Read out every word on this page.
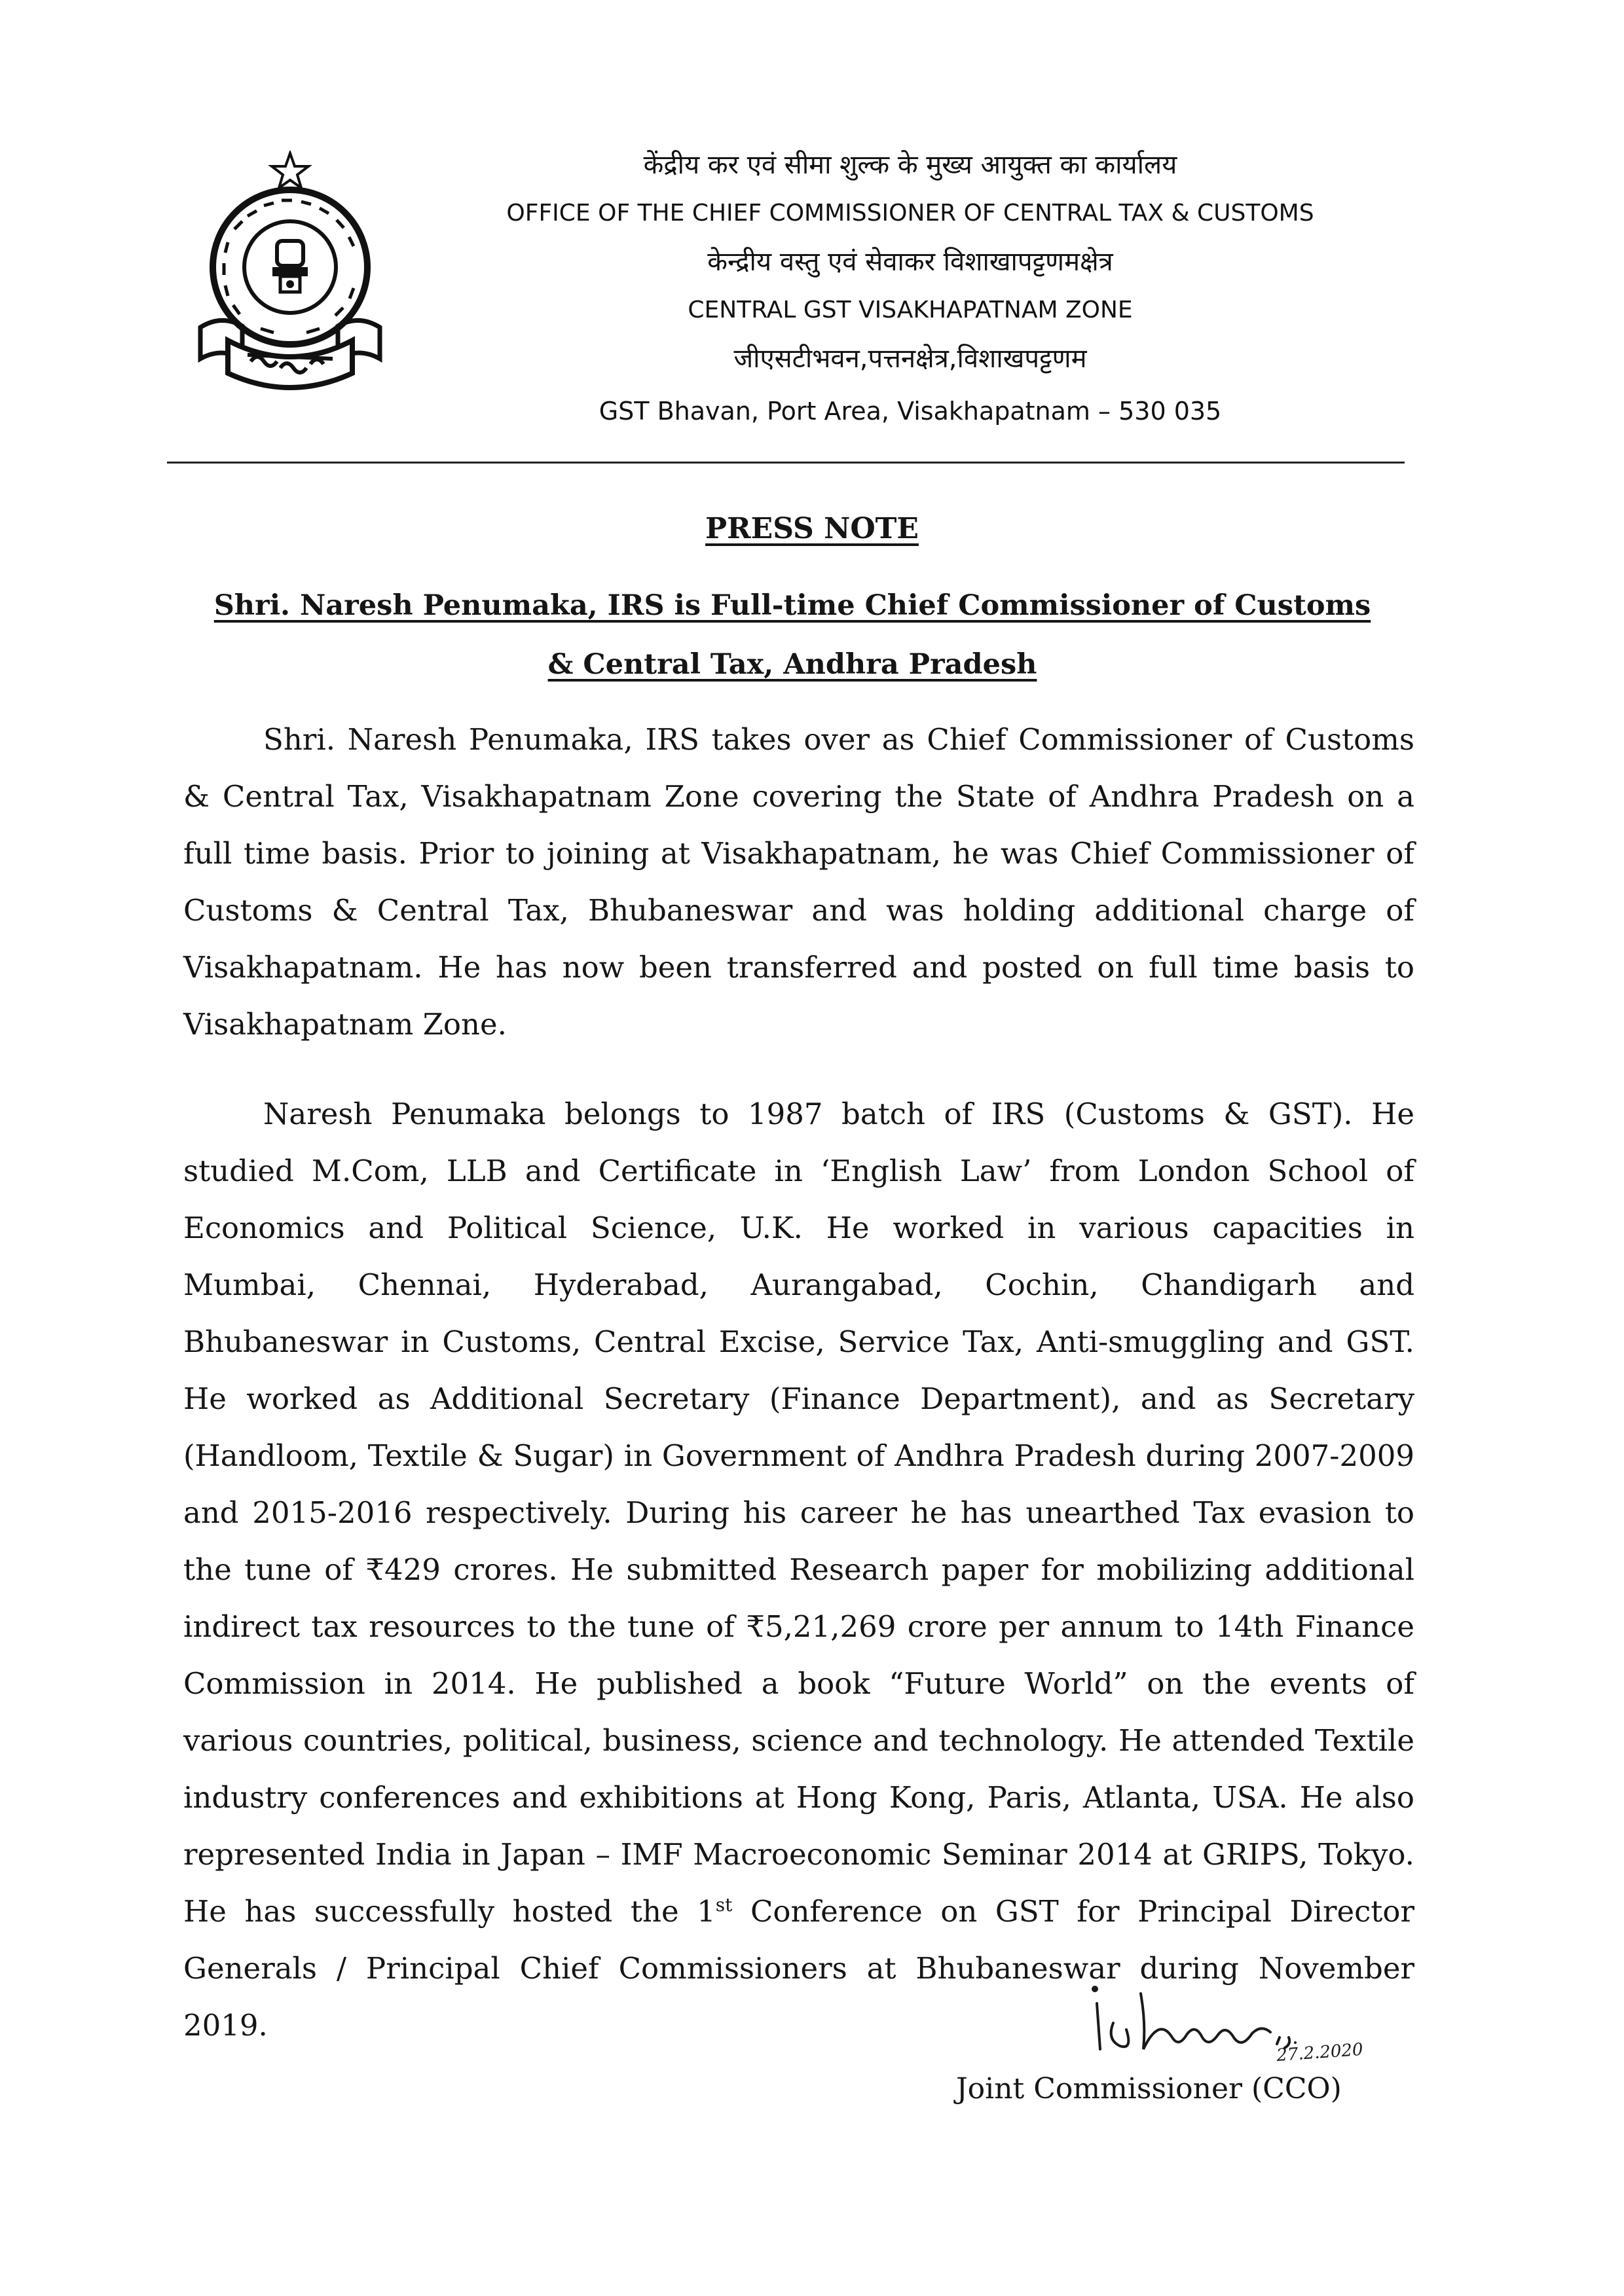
केंद्रीय कर एवं सीमा शुल्क के मुख्य आयुक्त का कार्यालय
OFFICE OF THE CHIEF COMMISSIONER OF CENTRAL TAX & CUSTOMS
केन्द्रीय वस्तु एवं सेवाकर विशाखापट्टणमक्षेत्र
CENTRAL GST VISAKHAPATNAM ZONE
जीएसटीभवन,पत्तनक्षेत्र,विशाखपट्टणम
GST Bhavan, Port Area, Visakhapatnam – 530 035
PRESS NOTE
Shri. Naresh Penumaka, IRS is Full-time Chief Commissioner of Customs
& Central Tax, Andhra Pradesh

Shri. Naresh Penumaka, IRS takes over as Chief Commissioner of Customs & Central Tax, Visakhapatnam Zone covering the State of Andhra Pradesh on a full time basis. Prior to joining at Visakhapatnam, he was Chief Commissioner of Customs & Central Tax, Bhubaneswar and was holding additional charge of Visakhapatnam. He has now been transferred and posted on full time basis to Visakhapatnam Zone.

Naresh Penumaka belongs to 1987 batch of IRS (Customs & GST). He studied M.Com, LLB and Certificate in ‘English Law’ from London School of Economics and Political Science, U.K. He worked in various capacities in Mumbai, Chennai, Hyderabad, Aurangabad, Cochin, Chandigarh and Bhubaneswar in Customs, Central Excise, Service Tax, Anti-smuggling and GST. He worked as Additional Secretary (Finance Department), and as Secretary (Handloom, Textile & Sugar) in Government of Andhra Pradesh during 2007-2009 and 2015-2016 respectively. During his career he has unearthed Tax evasion to the tune of ₹429 crores. He submitted Research paper for mobilizing additional indirect tax resources to the tune of ₹5,21,269 crore per annum to 14th Finance Commission in 2014. He published a book “Future World” on the events of various countries, political, business, science and technology. He attended Textile industry conferences and exhibitions at Hong Kong, Paris, Atlanta, USA. He also represented India in Japan – IMF Macroeconomic Seminar 2014 at GRIPS, Tokyo. He has successfully hosted the 1st Conference on GST for Principal Director Generals / Principal Chief Commissioners at Bhubaneswar during November 2019.

27.2.2020
Joint Commissioner (CCO)
